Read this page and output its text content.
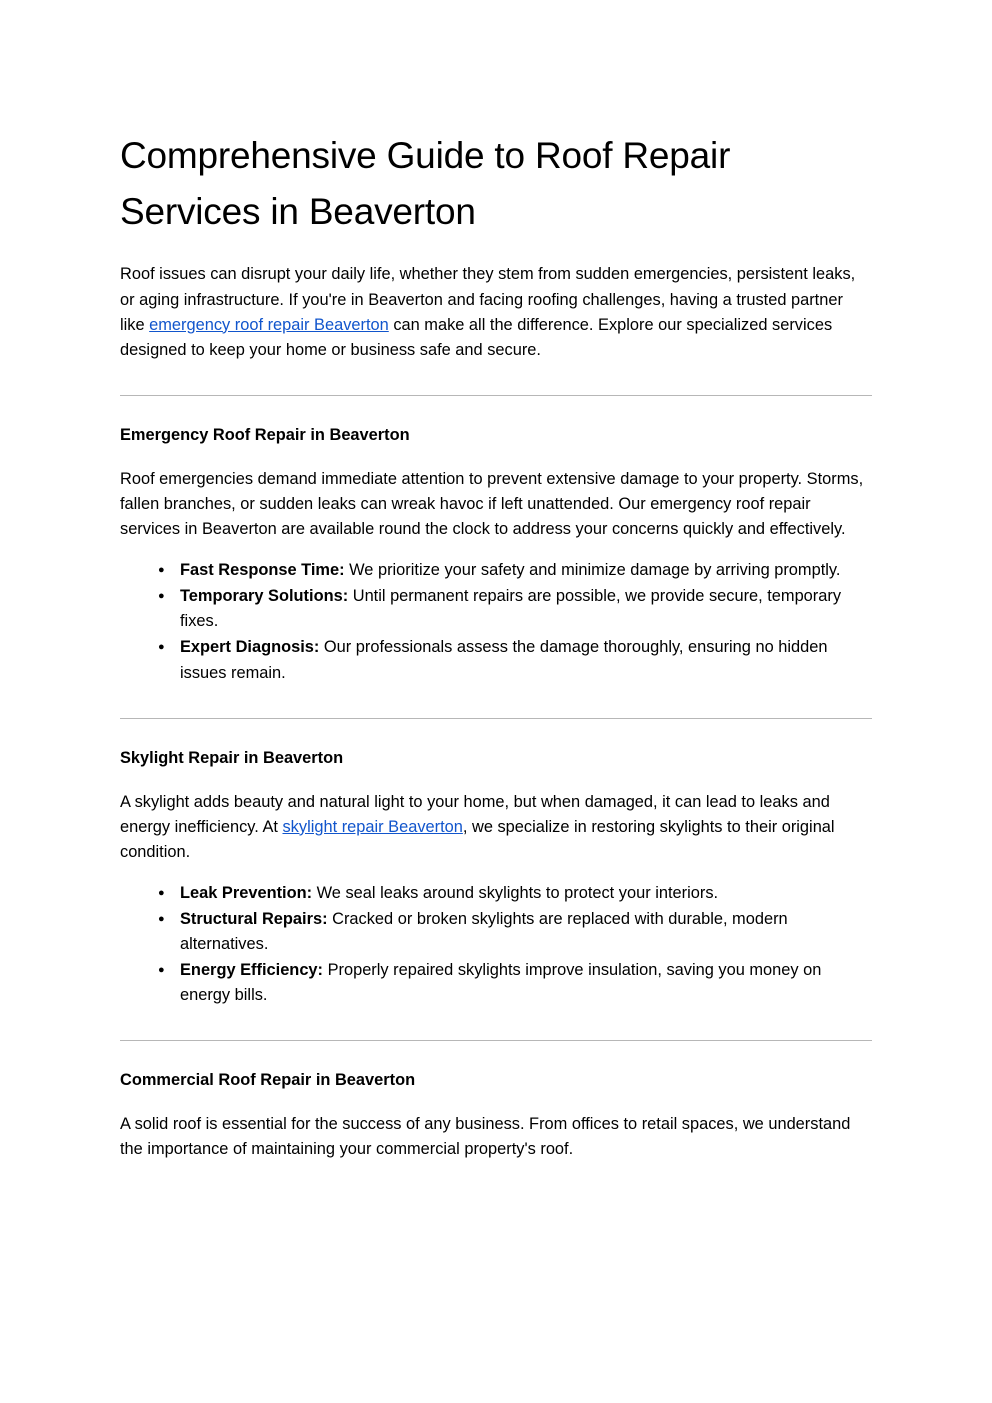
Comprehensive Guide to Roof Repair Services in Beaverton

Roof issues can disrupt your daily life, whether they stem from sudden emergencies, persistent leaks, or aging infrastructure. If you're in Beaverton and facing roofing challenges, having a trusted partner like emergency roof repair Beaverton can make all the difference. Explore our specialized services designed to keep your home or business safe and secure.

Emergency Roof Repair in Beaverton

Roof emergencies demand immediate attention to prevent extensive damage to your property. Storms, fallen branches, or sudden leaks can wreak havoc if left unattended. Our emergency roof repair services in Beaverton are available round the clock to address your concerns quickly and effectively.

● Fast Response Time: We prioritize your safety and minimize damage by arriving promptly.
● Temporary Solutions: Until permanent repairs are possible, we provide secure, temporary fixes.
● Expert Diagnosis: Our professionals assess the damage thoroughly, ensuring no hidden issues remain.
Skylight Repair in Beaverton

A skylight adds beauty and natural light to your home, but when damaged, it can lead to leaks and energy inefficiency. At skylight repair Beaverton, we specialize in restoring skylights to their original condition.

● Leak Prevention: We seal leaks around skylights to protect your interiors.
● Structural Repairs: Cracked or broken skylights are replaced with durable, modern alternatives.
● Energy Efficiency: Properly repaired skylights improve insulation, saving you money on energy bills.
Commercial Roof Repair in Beaverton

A solid roof is essential for the success of any business. From offices to retail spaces, we understand the importance of maintaining your commercial property's roof.
